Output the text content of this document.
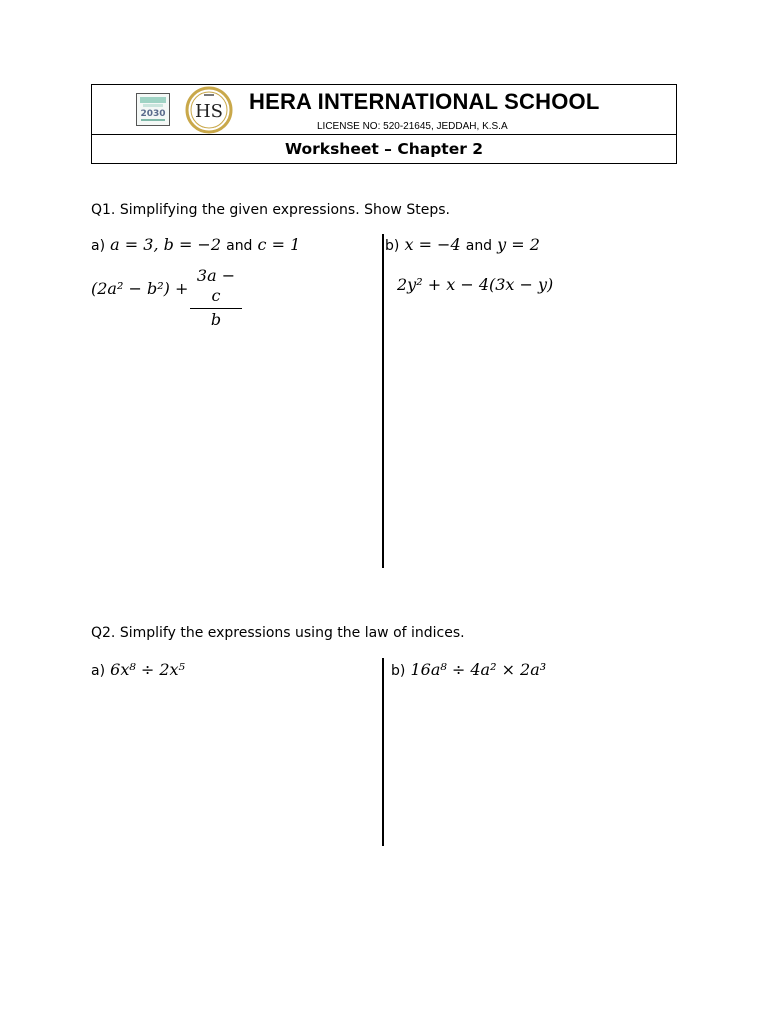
2030 HS HERA INTERNATIONAL SCHOOL
LICENSE NO: 520-21645, JEDDAH, K.S.A
Worksheet – Chapter 2
Q1. Simplifying the given expressions. Show Steps.
a) a = 3, b = −2 and c = 1
$(2a^2 - b^2) + \frac{3a - c}{b}$
b) x = −4 and y = 2
2y² + x − 4(3x − y)
Q2. Simplify the expressions using the law of indices.
a) 6x⁸ ÷ 2x⁵	b) 16a⁸ ÷ 4a² × 2a³
